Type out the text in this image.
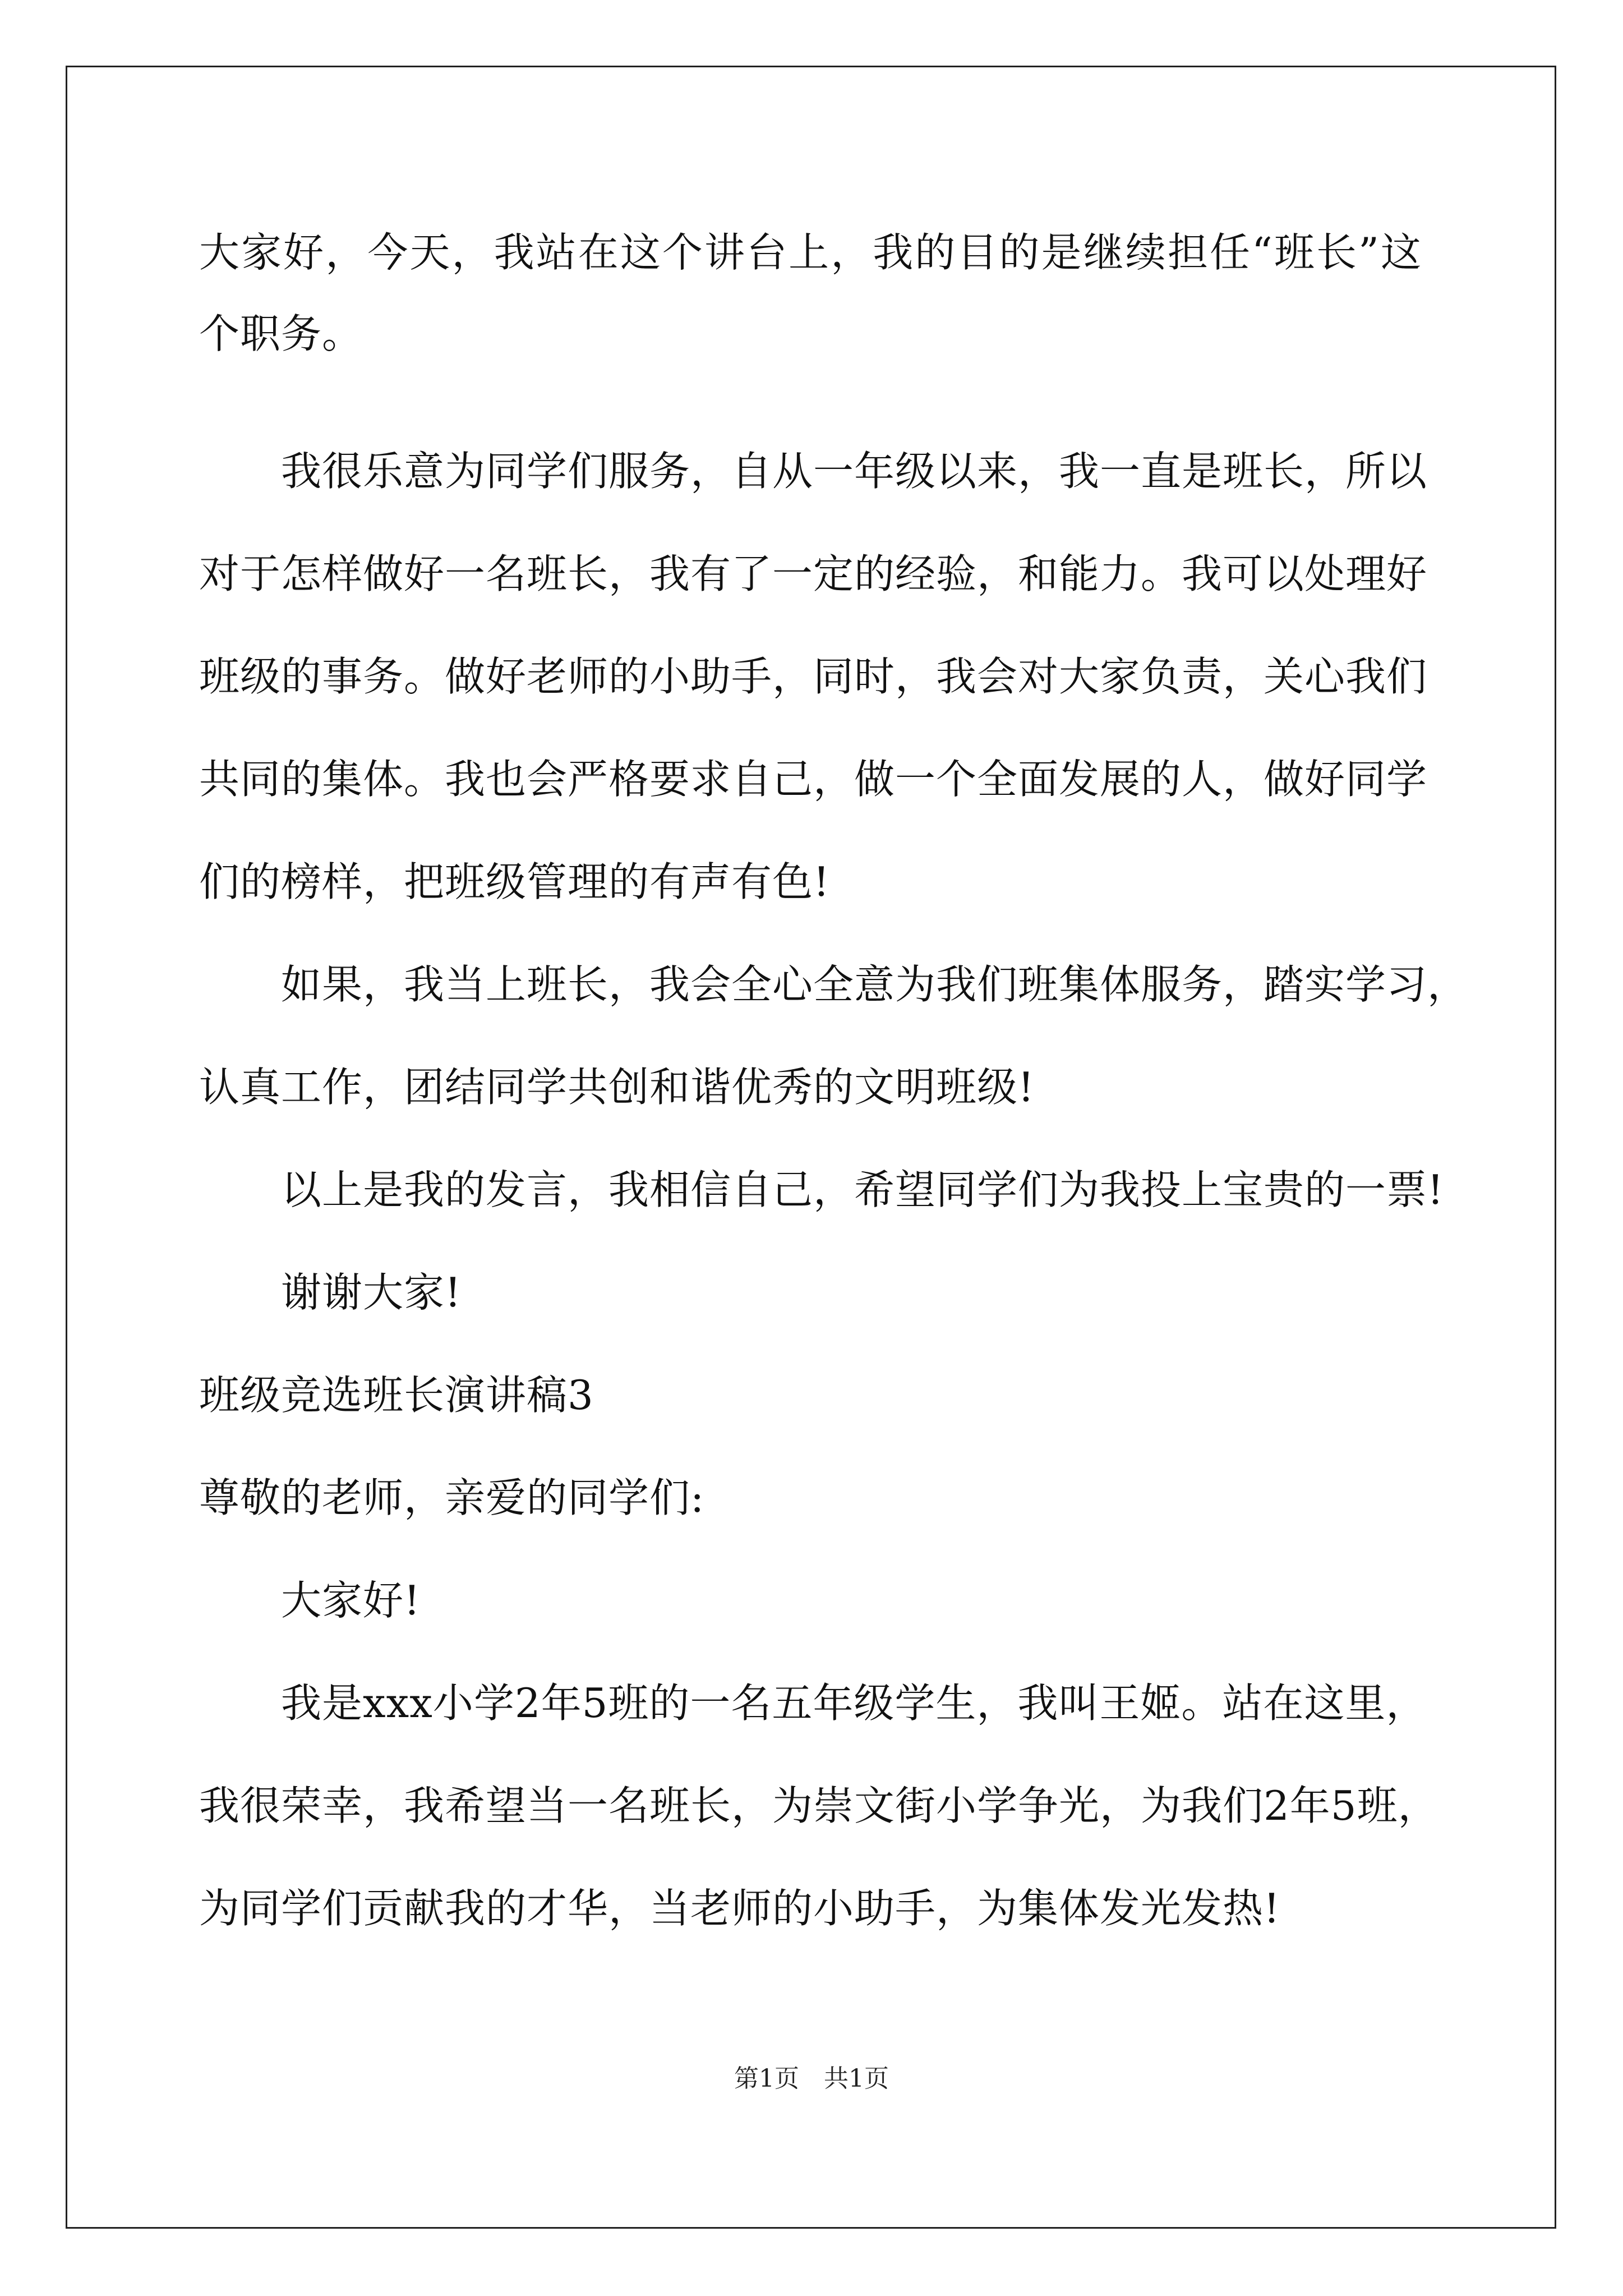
大家好，今天，我站在这个讲台上，我的目的是继续担任“班长”这
个职务。
我很乐意为同学们服务，自从一年级以来，我一直是班长，所以
对于怎样做好一名班长，我有了一定的经验，和能力。我可以处理好
班级的事务。做好老师的小助手，同时，我会对大家负责，关心我们
共同的集体。我也会严格要求自己，做一个全面发展的人，做好同学
们的榜样，把班级管理的有声有色!
如果，我当上班长，我会全心全意为我们班集体服务，踏实学习，
认真工作，团结同学共创和谐优秀的文明班级!
以上是我的发言，我相信自己，希望同学们为我投上宝贵的一票!
谢谢大家!
班级竞选班长演讲稿3
尊敬的老师，亲爱的同学们:
大家好!
我是xxx小学2年5班的一名五年级学生，我叫王姬。站在这里，
我很荣幸，我希望当一名班长，为崇文街小学争光，为我们2年5班，
为同学们贡献我的才华，当老师的小助手，为集体发光发热!
第1页　共1页
